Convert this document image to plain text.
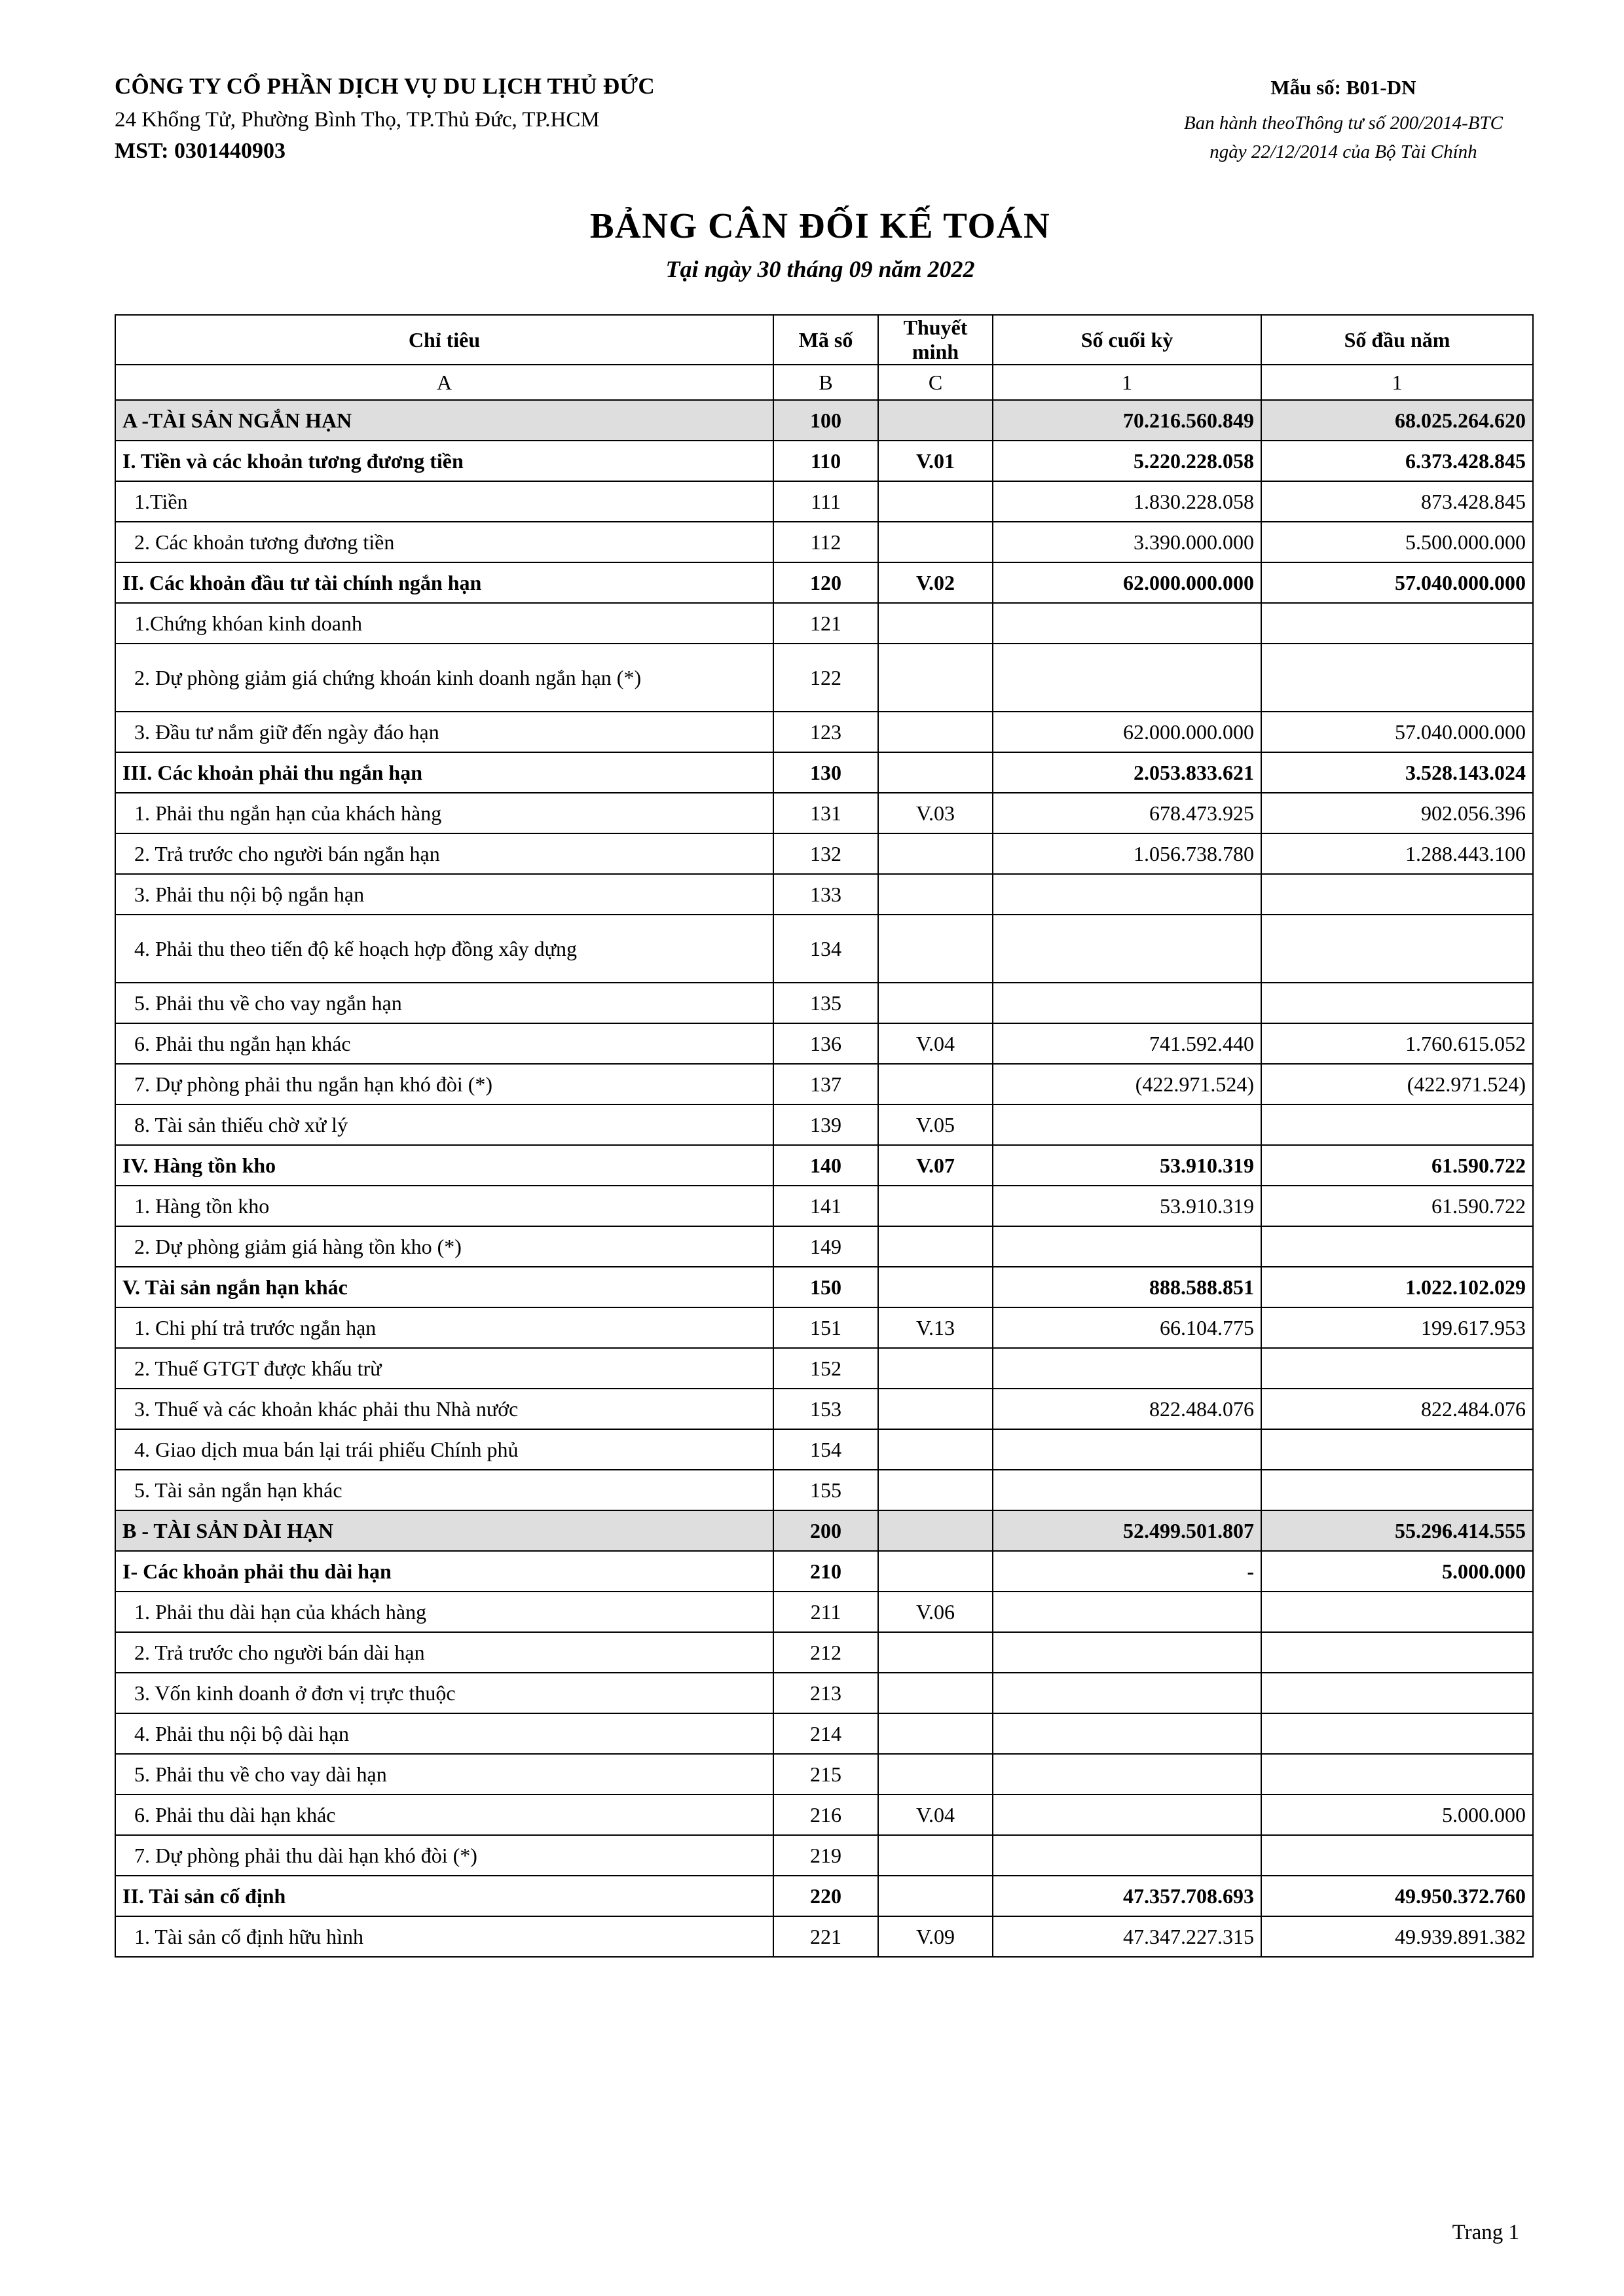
CÔNG TY CỔ PHẦN DỊCH VỤ DU LỊCH THỦ ĐỨC
24 Khổng Tử, Phường Bình Thọ, TP.Thủ Đức, TP.HCM
MST: 0301440903
Mẫu số: B01-DN
Ban hành theoThông tư số 200/2014-BTC
ngày 22/12/2014 của Bộ Tài Chính
BẢNG CÂN ĐỐI KẾ TOÁN
Tại ngày 30 tháng 09 năm 2022
Chỉ tiêu	Mã số	Thuyết minh	Số cuối kỳ	Số đầu năm
A	B	C	1	1
A -TÀI SẢN NGẮN HẠN	100		70.216.560.849	68.025.264.620
I. Tiền và các khoản tương đương tiền	110	V.01	5.220.228.058	6.373.428.845
1.Tiền	111		1.830.228.058	873.428.845
2. Các khoản tương đương tiền	112		3.390.000.000	5.500.000.000
II. Các khoản đầu tư tài chính ngắn hạn	120	V.02	62.000.000.000	57.040.000.000
1.Chứng khóan kinh doanh	121			
2. Dự phòng giảm giá chứng khoán kinh doanh ngắn hạn (*)	122			
3. Đầu tư nắm giữ đến ngày đáo hạn	123		62.000.000.000	57.040.000.000
III. Các khoản phải thu ngắn hạn	130		2.053.833.621	3.528.143.024
1. Phải thu ngắn hạn của khách hàng	131	V.03	678.473.925	902.056.396
2. Trả trước cho người bán ngắn hạn	132		1.056.738.780	1.288.443.100
3. Phải thu nội bộ ngắn hạn	133			
4. Phải thu theo tiến độ kế hoạch hợp đồng xây dựng	134			
5. Phải thu về cho vay ngắn hạn	135			
6. Phải thu ngắn hạn khác	136	V.04	741.592.440	1.760.615.052
7. Dự phòng phải thu ngắn hạn khó đòi (*)	137		(422.971.524)	(422.971.524)
8. Tài sản thiếu chờ xử lý	139	V.05		
IV. Hàng tồn kho	140	V.07	53.910.319	61.590.722
1. Hàng tồn kho	141		53.910.319	61.590.722
2. Dự phòng giảm giá hàng tồn kho (*)	149			
V. Tài sản ngắn hạn khác	150		888.588.851	1.022.102.029
1. Chi phí trả trước ngắn hạn	151	V.13	66.104.775	199.617.953
2. Thuế GTGT được khấu trừ	152			
3. Thuế và các khoản khác phải thu Nhà nước	153		822.484.076	822.484.076
4. Giao dịch mua bán lại trái phiếu Chính phủ	154			
5. Tài sản ngắn hạn khác	155			
B - TÀI SẢN DÀI HẠN	200		52.499.501.807	55.296.414.555
I- Các khoản phải thu dài hạn	210		-	5.000.000
1. Phải thu dài hạn của khách hàng	211	V.06		
2. Trả trước cho người bán dài hạn	212			
3. Vốn kinh doanh ở đơn vị trực thuộc	213			
4. Phải thu nội bộ dài hạn	214			
5. Phải thu về cho vay dài hạn	215			
6. Phải thu dài hạn khác	216	V.04		5.000.000
7. Dự phòng phải thu dài hạn khó đòi (*)	219			
II. Tài sản cố định	220		47.357.708.693	49.950.372.760
1. Tài sản cố định hữu hình	221	V.09	47.347.227.315	49.939.891.382
Trang 1
